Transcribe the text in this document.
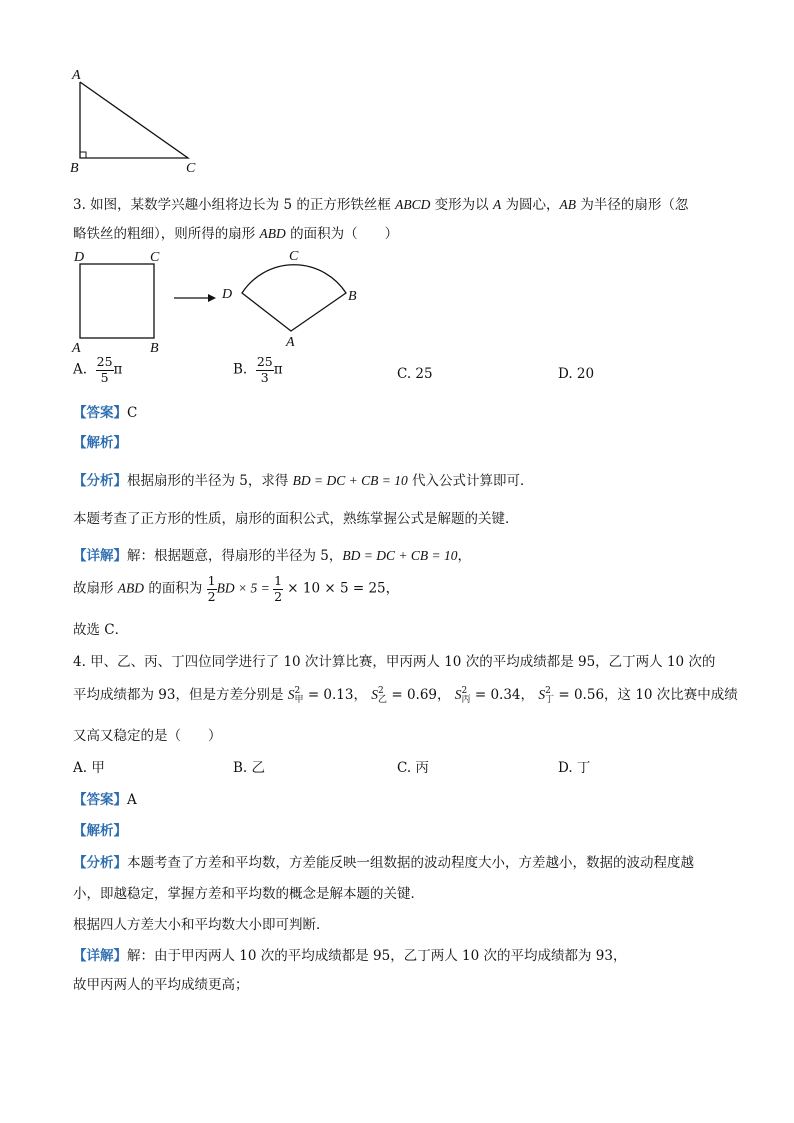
A
B	C
3. 如图，某数学兴趣小组将边长为 5 的正方形铁丝框 ABCD 变形为以 A 为圆心，AB 为半径的扇形（忽
略铁丝的粗细），则所得的扇形 ABD 的面积为（　　）
D	C
A	B
C
D	B
A
A. $\frac{25}{5}$ π	B. $\frac{25}{3}$ π	C. 25	D. 20
【答案】C
【解析】
【分析】根据扇形的半径为 5，求得 BD = DC + CB = 10 代入公式计算即可．
本题考查了正方形的性质，扇形的面积公式，熟练掌握公式是解题的关键．
【详解】解：根据题意，得扇形的半径为 5，BD = DC + CB = 10，
故扇形 ABD 的面积为 $\frac{1}{2}$ BD × $5 = \frac{1}{2} \times 10 \times 5 = 25$，
故选 C．
4. 甲、乙、丙、丁四位同学进行了 10 次计算比赛，甲丙两人 10 次的平均成绩都是 95，乙丁两人 10 次的
平均成绩都为 93，但是方差分别是 S 2
甲 = 0.13， S 2
乙 = 0.69， S 2
丙 = 0.34， S 2
丁 = 0.56，这 10 次比赛中成绩
又高又稳定的是（　　）
A. 甲	B. 乙	C. 丙	D. 丁
【答案】A
【解析】
【分析】本题考查了方差和平均数，方差能反映一组数据的波动程度大小，方差越小，数据的波动程度越
小，即越稳定，掌握方差和平均数的概念是解本题的关键．
根据四人方差大小和平均数大小即可判断．
【详解】解：由于甲丙两人 10 次的平均成绩都是 95，乙丁两人 10 次的平均成绩都为 93，
故甲丙两人的平均成绩更高；
